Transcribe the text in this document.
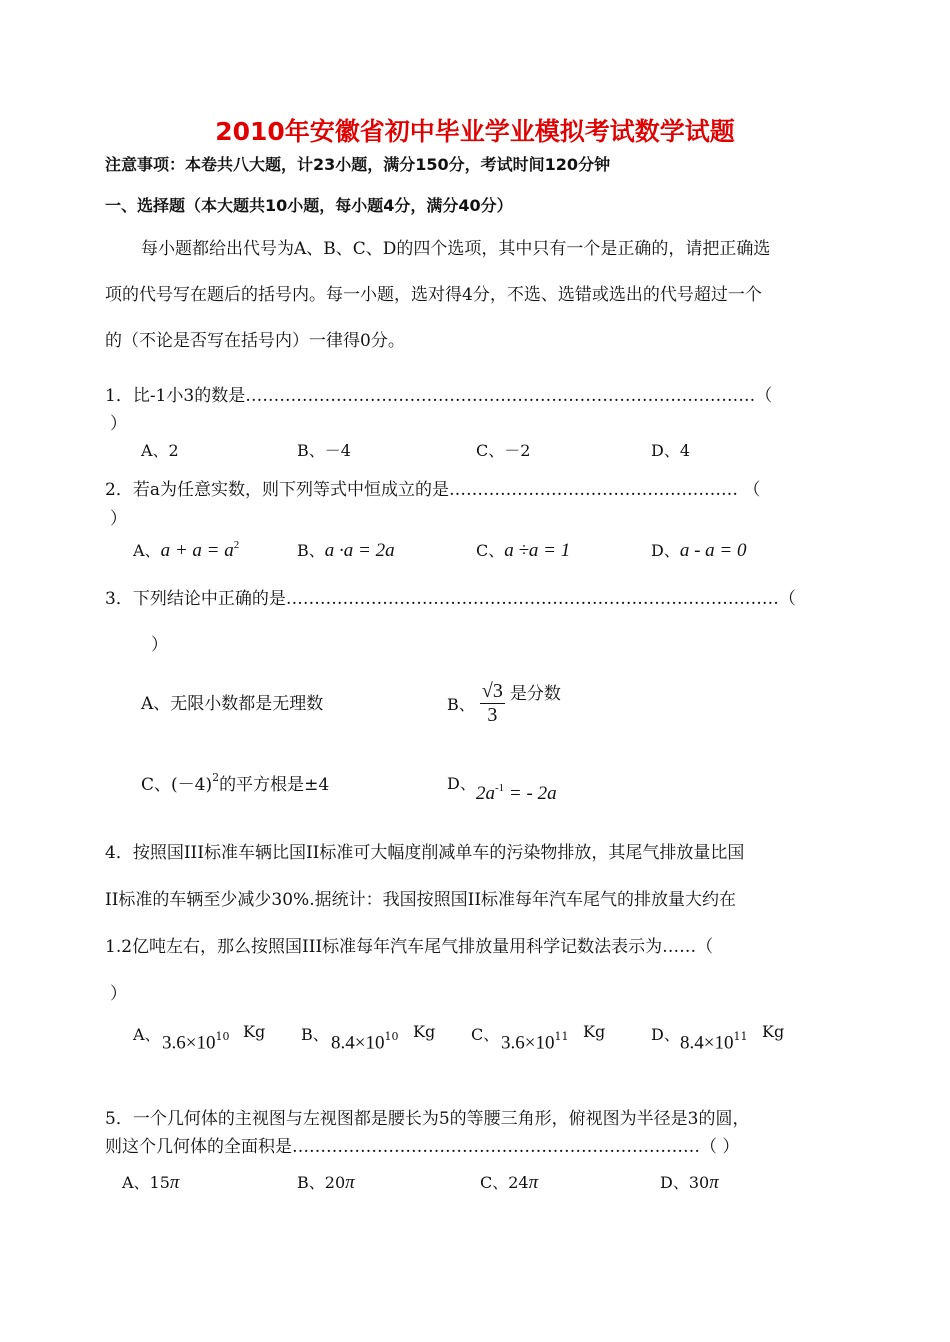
2010年安徽省初中毕业学业模拟考试数学试题
注意事项：本卷共八大题，计23小题，满分150分，考试时间120分钟
一、选择题（本大题共10小题，每小题4分，满分40分）
每小题都给出代号为A、B、C、D的四个选项，其中只有一个是正确的，请把正确选
项的代号写在题后的括号内。每一小题，选对得4分，不选、选错或选出的代号超过一个
的（不论是否写在括号内）一律得0分。
1．比-1小3的数是………………………………………………………………………………（
）
A、2	B、－4	C、－2	D、4
2．若a为任意实数，则下列等式中恒成立的是…………………………………………… （
）
A、$a + a = a^2$	B、a ·a = 2a	C、a ÷a = 1	D、a - a = 0
3．下列结论中正确的是……………………………………………………………………………（
）
A、无限小数都是无理数	B、 $\frac{√3}{3}$ 是分数
C、$(-4)^2$的平方根是±4	D、 $2a^{-1}$ = - 2a
4．按照国III标准车辆比国II标准可大幅度削减单车的污染物排放，其尾气排放量比国
II标准的车辆至少减少30%.据统计：我国按照国II标准每年汽车尾气的排放量大约在
1.2亿吨左右，那么按照国III标准每年汽车尾气排放量用科学记数法表示为……（
）
A、 $3.6\times 10^{10}$ Kg B、 $8.4\times 10^{10}$ Kg C、 $3.6\times 10^{11}$ Kg	D、 $8.4\times 10^{11}$ Kg
5．一个几何体的主视图与左视图都是腰长为5的等腰三角形，俯视图为半径是3的圆，
则这个几何体的全面积是………………………………………………………………（ ）
A、15π	B、20π	C、24π	D、30π
